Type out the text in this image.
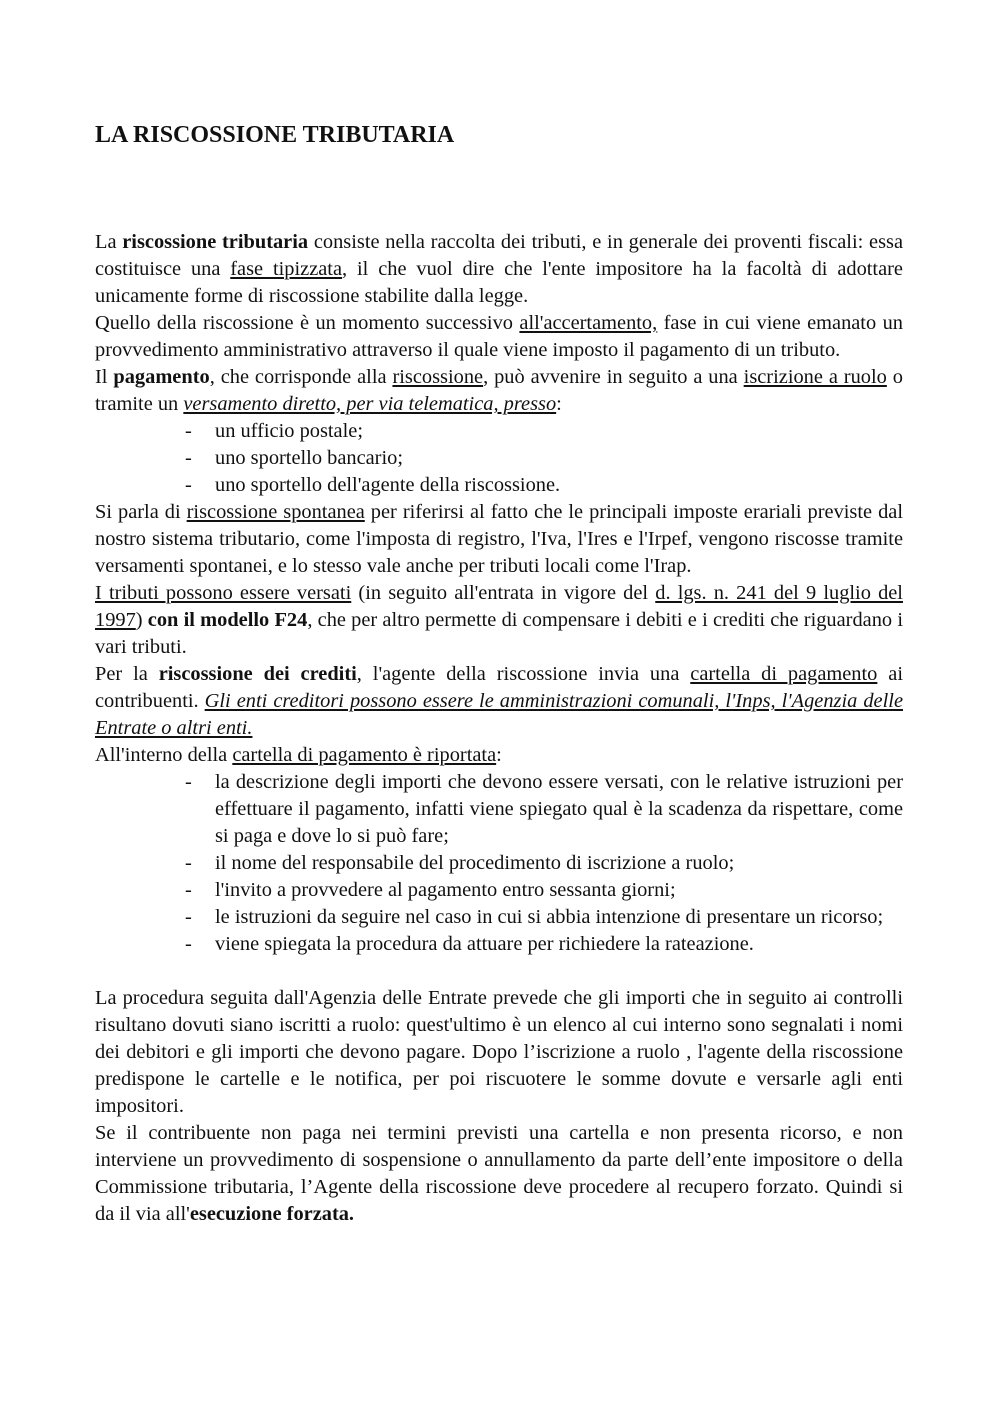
LA RISCOSSIONE TRIBUTARIA

La riscossione tributaria consiste nella raccolta dei tributi, e in generale dei proventi fiscali: essa costituisce una fase tipizzata, il che vuol dire che l'ente impositore ha la facoltà di adottare unicamente forme di riscossione stabilite dalla legge.

Quello della riscossione è un momento successivo all'accertamento, fase in cui viene emanato un provvedimento amministrativo attraverso il quale viene imposto il pagamento di un tributo.

Il pagamento, che corrisponde alla riscossione, può avvenire in seguito a una iscrizione a ruolo o tramite un versamento diretto, per via telematica, presso:

- un ufficio postale;
- uno sportello bancario;
- uno sportello dell'agente della riscossione.

Si parla di riscossione spontanea per riferirsi al fatto che le principali imposte erariali previste dal nostro sistema tributario, come l'imposta di registro, l'Iva, l'Ires e l'Irpef, vengono riscosse tramite versamenti spontanei, e lo stesso vale anche per tributi locali come l'Irap.

I tributi possono essere versati (in seguito all'entrata in vigore del d. lgs. n. 241 del 9 luglio del 1997) con il modello F24, che per altro permette di compensare i debiti e i crediti che riguardano i vari tributi.

Per la riscossione dei crediti, l'agente della riscossione invia una cartella di pagamento ai contribuenti. Gli enti creditori possono essere le amministrazioni comunali, l'Inps, l'Agenzia delle Entrate o altri enti.

All'interno della cartella di pagamento è riportata:

- la descrizione degli importi che devono essere versati, con le relative istruzioni per effettuare il pagamento, infatti viene spiegato qual è la scadenza da rispettare, come si paga e dove lo si può fare;
- il nome del responsabile del procedimento di iscrizione a ruolo;
- l'invito a provvedere al pagamento entro sessanta giorni;
- le istruzioni da seguire nel caso in cui si abbia intenzione di presentare un ricorso;
- viene spiegata la procedura da attuare per richiedere la rateazione.

La procedura seguita dall'Agenzia delle Entrate prevede che gli importi che in seguito ai controlli risultano dovuti siano iscritti a ruolo: quest'ultimo è un elenco al cui interno sono segnalati i nomi dei debitori e gli importi che devono pagare. Dopo l’iscrizione a ruolo , l'agente della riscossione predispone le cartelle e le notifica, per poi riscuotere le somme dovute e versarle agli enti impositori.

Se il contribuente non paga nei termini previsti una cartella e non presenta ricorso, e non interviene un provvedimento di sospensione o annullamento da parte dell’ente impositore o della Commissione tributaria, l’Agente della riscossione deve procedere al recupero forzato. Quindi si da il via all'esecuzione forzata.
